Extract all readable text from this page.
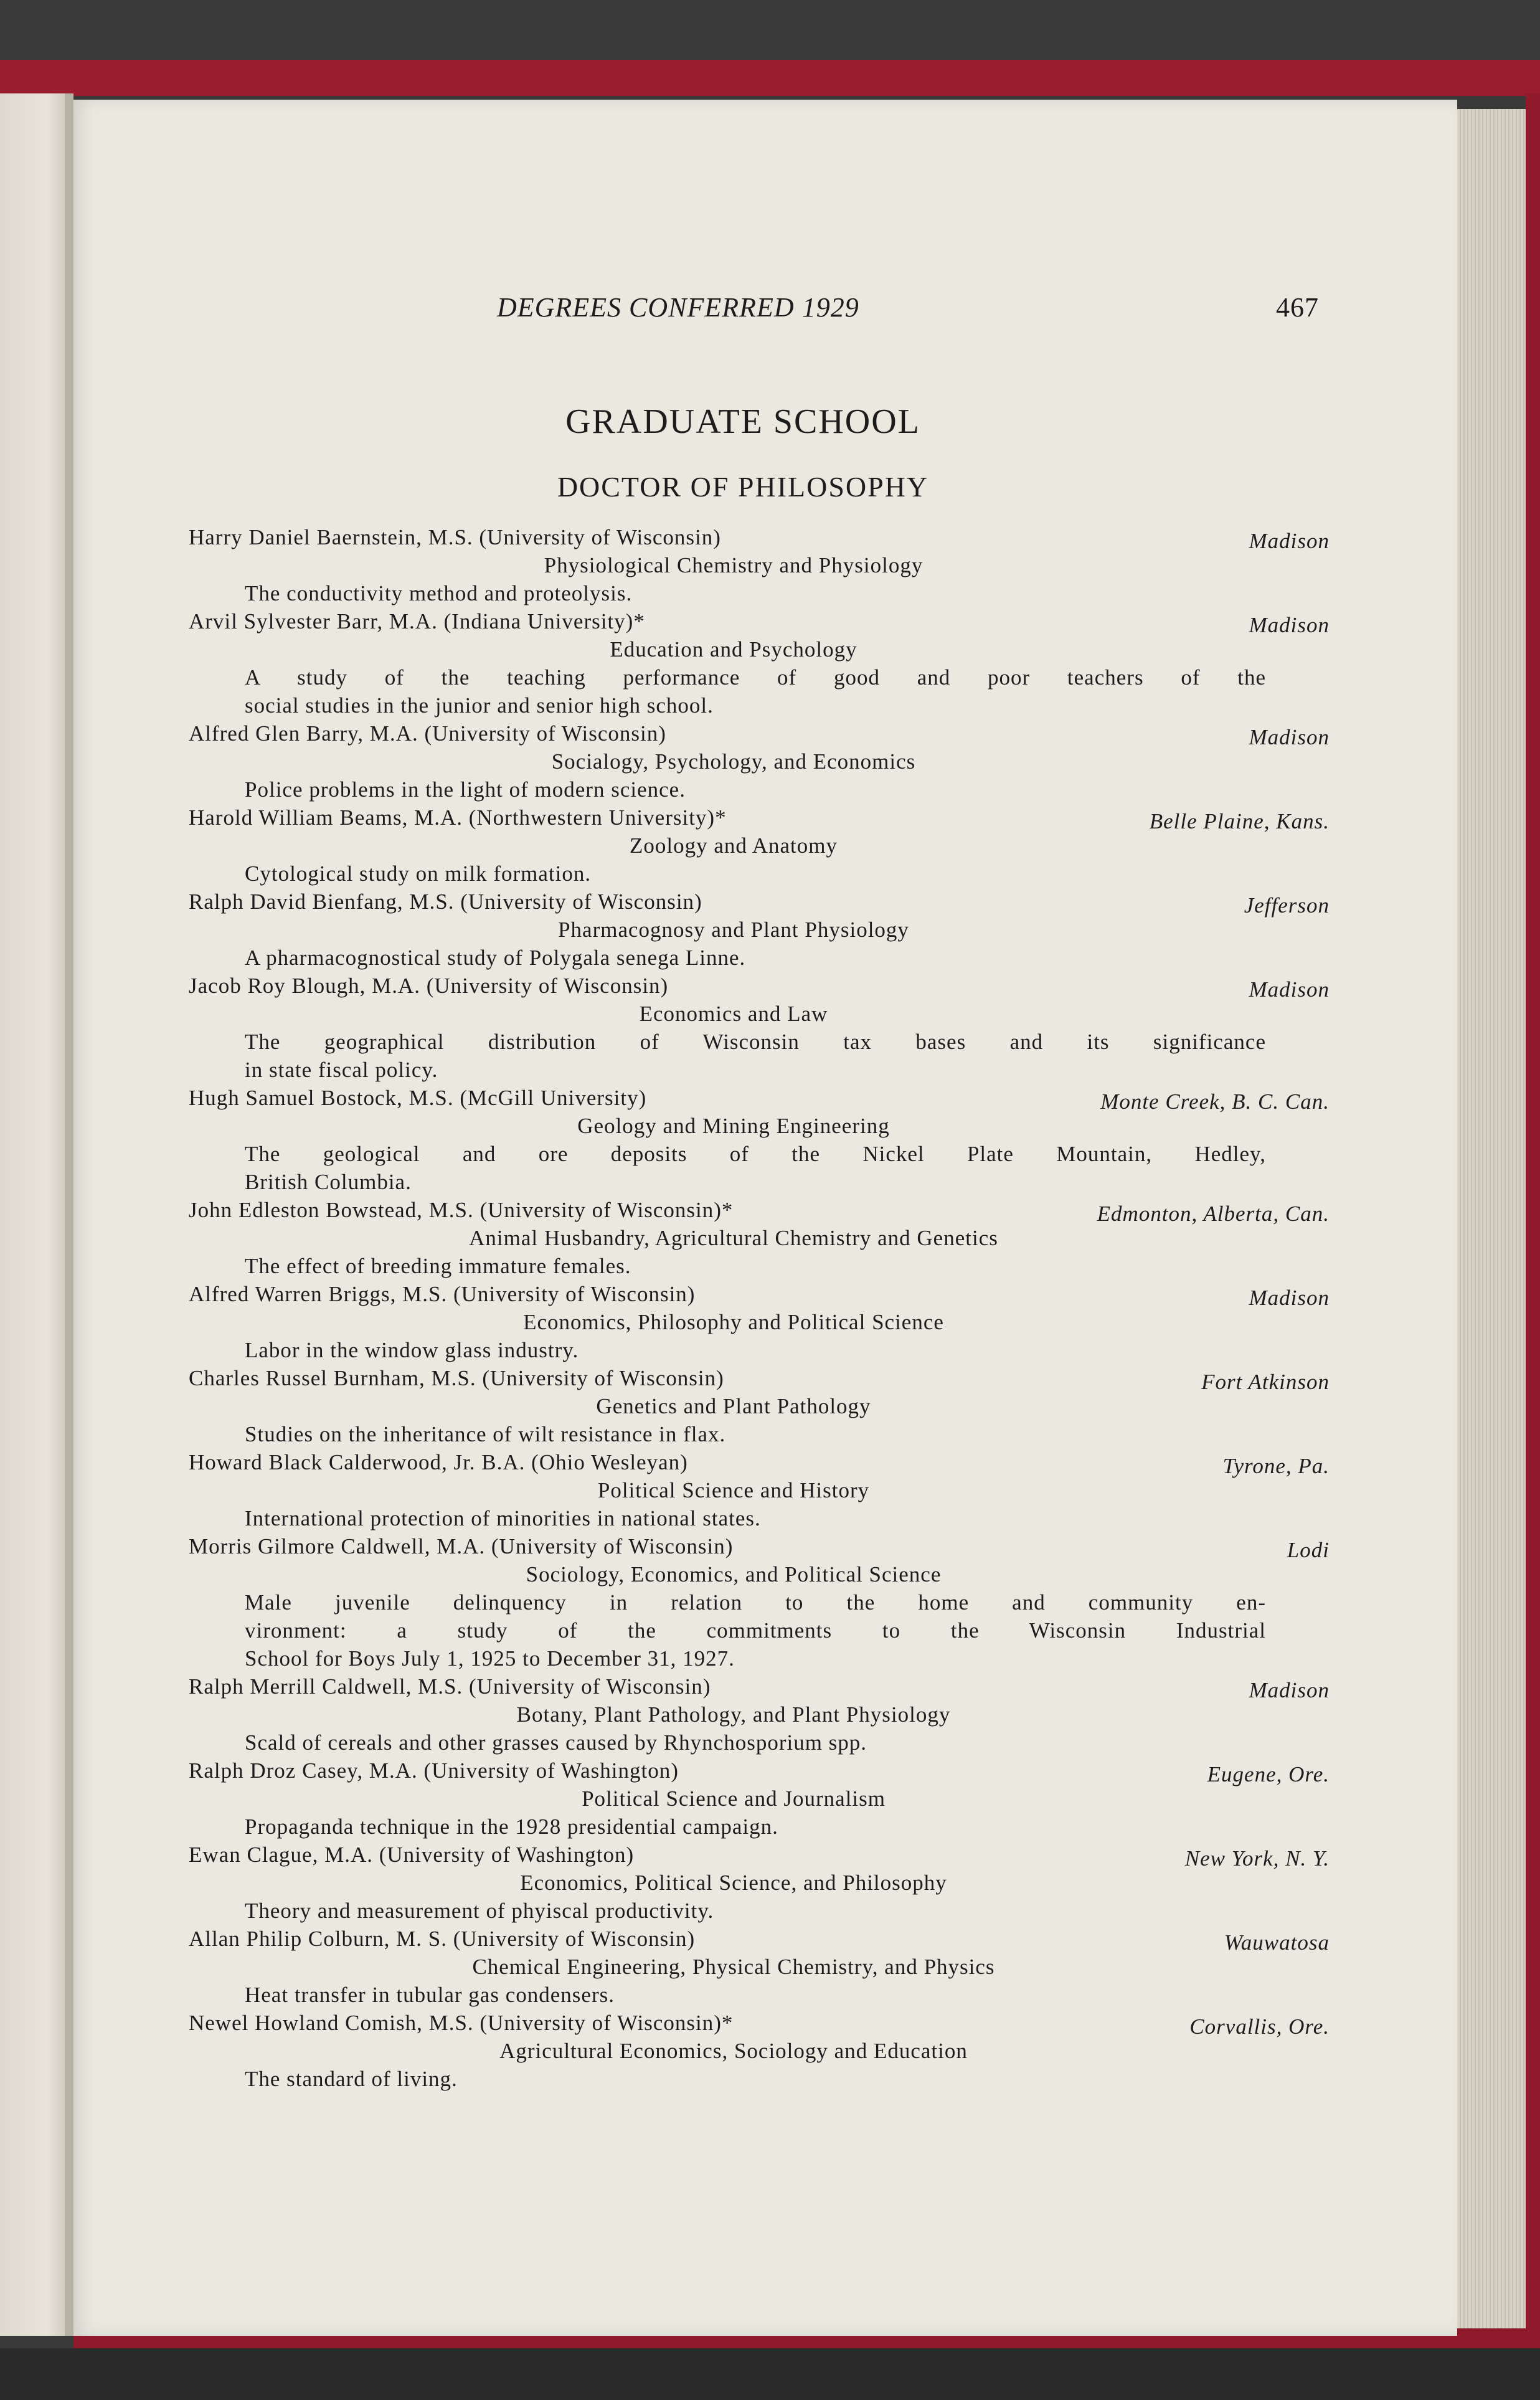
DEGREES CONFERRED 1929	467
GRADUATE SCHOOL
DOCTOR OF PHILOSOPHY
Harry Daniel Baernstein, M.S. (University of Wisconsin)	Madison
Physiological Chemistry and Physiology
The conductivity method and proteolysis.
Arvil Sylvester Barr, M.A. (Indiana University)*	Madison
Education and Psychology
A study of the teaching performance of good and poor teachers of the
social studies in the junior and senior high school.
Alfred Glen Barry, M.A. (University of Wisconsin)	Madison
Socialogy, Psychology, and Economics
Police problems in the light of modern science.
Harold William Beams, M.A. (Northwestern University)*	Belle Plaine, Kans.
Zoology and Anatomy
Cytological study on milk formation.
Ralph David Bienfang, M.S. (University of Wisconsin)	Jefferson
Pharmacognosy and Plant Physiology
A pharmacognostical study of Polygala senega Linne.
Jacob Roy Blough, M.A. (University of Wisconsin)	Madison
Economics and Law
The geographical distribution of Wisconsin tax bases and its significance
in state fiscal policy.
Hugh Samuel Bostock, M.S. (McGill University)	Monte Creek, B. C. Can.
Geology and Mining Engineering
The geological and ore deposits of the Nickel Plate Mountain, Hedley,
British Columbia.
John Edleston Bowstead, M.S. (University of Wisconsin)*	Edmonton, Alberta, Can.
Animal Husbandry, Agricultural Chemistry and Genetics
The effect of breeding immature females.
Alfred Warren Briggs, M.S. (University of Wisconsin)	Madison
Economics, Philosophy and Political Science
Labor in the window glass industry.
Charles Russel Burnham, M.S. (University of Wisconsin)	Fort Atkinson
Genetics and Plant Pathology
Studies on the inheritance of wilt resistance in flax.
Howard Black Calderwood, Jr. B.A. (Ohio Wesleyan)	Tyrone, Pa.
Political Science and History
International protection of minorities in national states.
Morris Gilmore Caldwell, M.A. (University of Wisconsin)	Lodi
Sociology, Economics, and Political Science
Male juvenile delinquency in relation to the home and community en-
vironment: a study of the commitments to the Wisconsin Industrial
School for Boys July 1, 1925 to December 31, 1927.
Ralph Merrill Caldwell, M.S. (University of Wisconsin)	Madison
Botany, Plant Pathology, and Plant Physiology
Scald of cereals and other grasses caused by Rhynchosporium spp.
Ralph Droz Casey, M.A. (University of Washington)	Eugene, Ore.
Political Science and Journalism
Propaganda technique in the 1928 presidential campaign.
Ewan Clague, M.A. (University of Washington)	New York, N. Y.
Economics, Political Science, and Philosophy
Theory and measurement of phyiscal productivity.
Allan Philip Colburn, M. S. (University of Wisconsin)	Wauwatosa
Chemical Engineering, Physical Chemistry, and Physics
Heat transfer in tubular gas condensers.
Newel Howland Comish, M.S. (University of Wisconsin)*	Corvallis, Ore.
Agricultural Economics, Sociology and Education
The standard of living.
